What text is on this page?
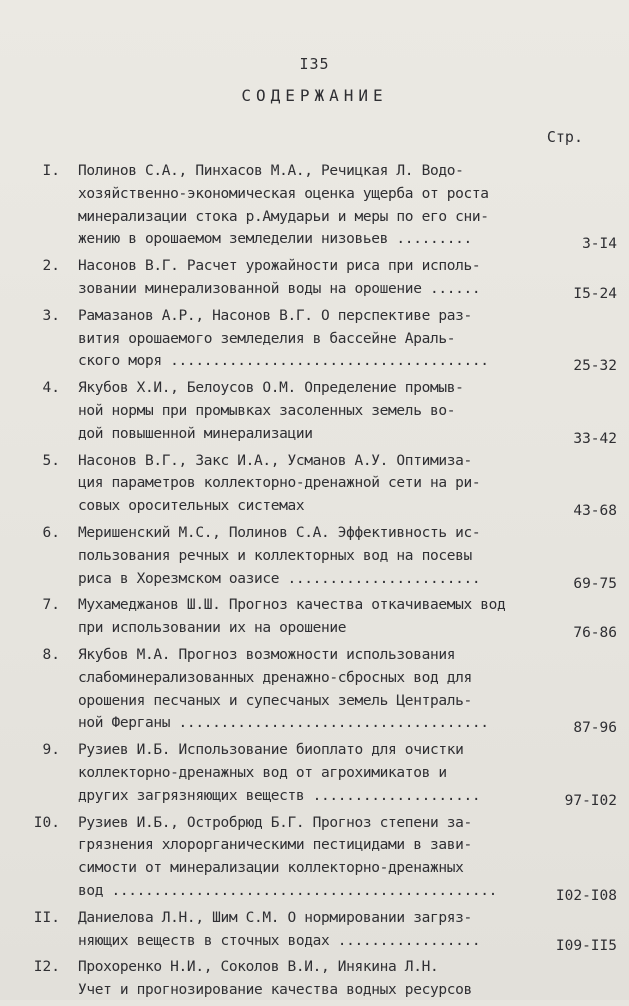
I35
СОДЕРЖАНИЕ
Стр.
I. Полинов С.А., Пинхасов М.А., Речицкая Л. Водо-
хозяйственно-экономическая оценка ущерба от роста
минерализации стока р.Амударьи и меры по его сни-
жению в орошаемом земледелии низовьев .........	3-I4
2. Насонов В.Г. Расчет урожайности риса при исполь-
зовании минерализованной воды на орошение ......	I5-24
3. Рамазанов А.Р., Насонов В.Г. О перспективе раз-
вития орошаемого земледелия в бассейне Араль-
ского моря ......................................	25-32
4. Якубов Х.И., Белоусов О.М. Определение промыв-
ной нормы при промывках засоленных земель во-
дой повышенной минерализации	33-42
5. Насонов В.Г., Закс И.А., Усманов А.У. Оптимиза-
ция параметров коллекторно-дренажной сети на ри-
совых оросительных системах	43-68
6. Меришенский М.С., Полинов С.А. Эффективность ис-
пользования речных и коллекторных вод на посевы
риса в Хорезмском оазисе .......................	69-75
7. Мухамеджанов Ш.Ш. Прогноз качества откачиваемых вод
при использовании их на орошение	76-86
8. Якубов М.А. Прогноз возможности использования
слабоминерализованных дренажно-сбросных вод для
орошения песчаных и супесчаных земель Централь-
ной Ферганы .....................................	87-96
9. Рузиев И.Б. Использование биоплато для очистки
коллекторно-дренажных вод от агрохимикатов и
других загрязняющих веществ ....................	97-I02
I0. Рузиев И.Б., Остробрюд Б.Г. Прогноз степени за-
грязнения хлорорганическими пестицидами в зави-
симости от минерализации коллекторно-дренажных
вод ..............................................	I02-I08
II. Даниелова Л.Н., Шим С.М. О нормировании загряз-
няющих веществ в сточных водах .................	I09-II5
I2. Прохоренко Н.И., Соколов В.И., Инякина Л.Н.
Учет и прогнозирование качества водных ресурсов
